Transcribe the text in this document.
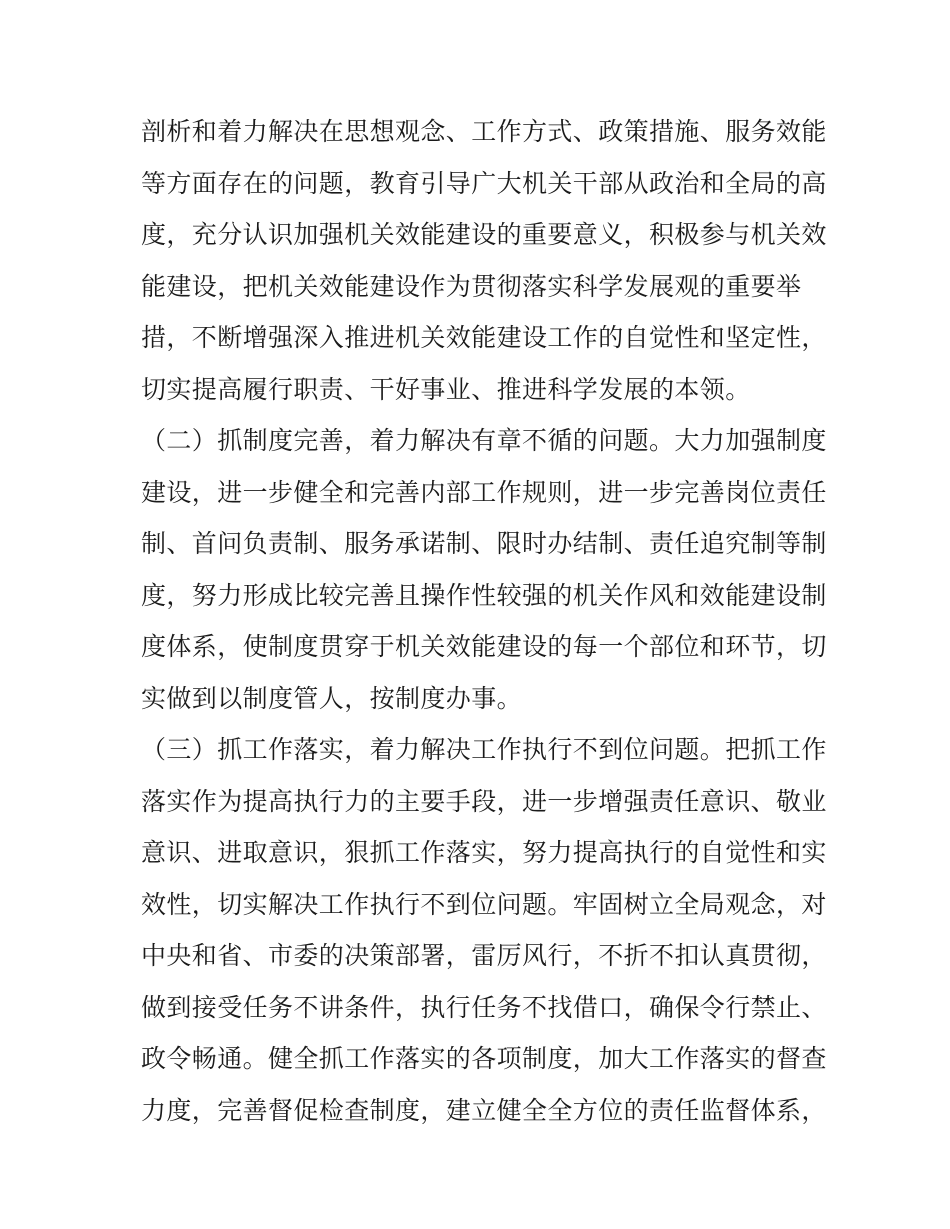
剖析和着力解决在思想观念、工作方式、政策措施、服务效能
等方面存在的问题，教育引导广大机关干部从政治和全局的高
度，充分认识加强机关效能建设的重要意义，积极参与机关效
能建设，把机关效能建设作为贯彻落实科学发展观的重要举
措，不断增强深入推进机关效能建设工作的自觉性和坚定性，
切实提高履行职责、干好事业、推进科学发展的本领。
（二）抓制度完善，着力解决有章不循的问题。大力加强制度
建设，进一步健全和完善内部工作规则，进一步完善岗位责任
制、首问负责制、服务承诺制、限时办结制、责任追究制等制
度，努力形成比较完善且操作性较强的机关作风和效能建设制
度体系，使制度贯穿于机关效能建设的每一个部位和环节，切
实做到以制度管人，按制度办事。
（三）抓工作落实，着力解决工作执行不到位问题。把抓工作
落实作为提高执行力的主要手段，进一步增强责任意识、敬业
意识、进取意识，狠抓工作落实，努力提高执行的自觉性和实
效性，切实解决工作执行不到位问题。牢固树立全局观念，对
中央和省、市委的决策部署，雷厉风行，不折不扣认真贯彻，
做到接受任务不讲条件，执行任务不找借口，确保令行禁止、
政令畅通。健全抓工作落实的各项制度，加大工作落实的督查
力度，完善督促检查制度，建立健全全方位的责任监督体系，
